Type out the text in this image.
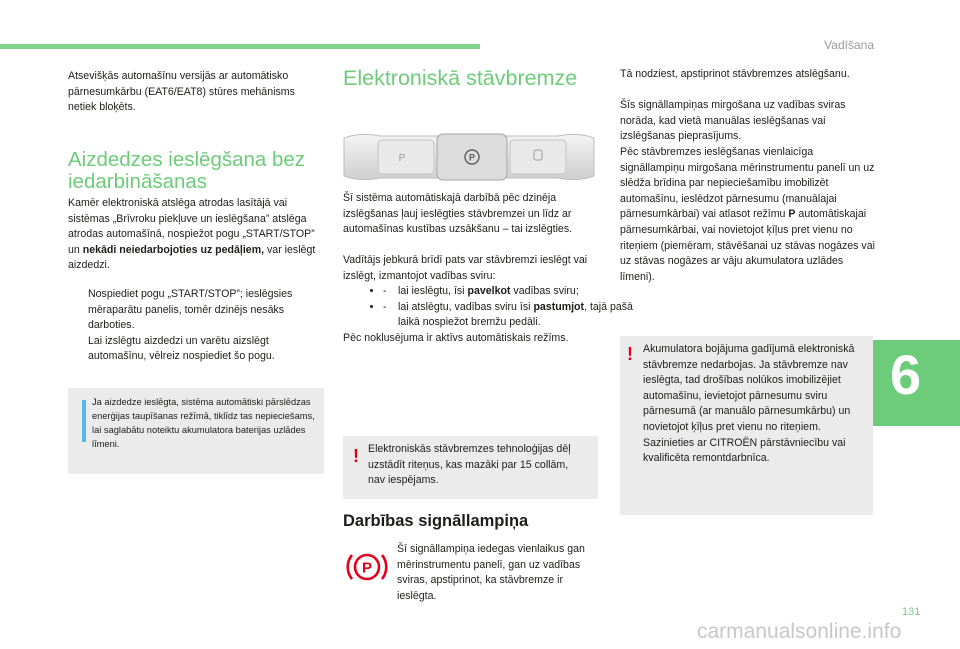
Vadīšana

Atsevišķās automašīnu versijās ar automātisko pārnesumkārbu (EAT6/EAT8) stūres mehānisms netiek bloķēts.

Aizdedzes ieslēgšana bez iedarbināšanas

Kamēr elektroniskā atslēga atrodas lasītājā vai sistēmas „Brīvroku piekļuve un ieslēgšana” atslēga atrodas automašīnā, nospiežot pogu „START/STOP” un nekādi neiedarbojoties uz pedāļiem, var ieslēgt aizdedzi.

Nospiediet pogu „START/STOP”; ieslēgsies mēraparātu panelis, tomēr dzinējs nesāks darboties.
Lai izslēgtu aizdedzi un varētu aizslēgt automašīnu, vēlreiz nospiediet šo pogu.

Ja aizdedze ieslēgta, sistēma automātiski pārslēdzas enerģijas taupīšanas režīmā, tiklīdz tas nepieciešams, lai saglabātu noteiktu akumulatora baterijas uzlādes līmeni.

Elektroniskā stāvbremze
P
P

Šī sistēma automātiskajā darbībā pēc dzinēja izslēgšanas ļauj ieslēgties stāvbremzei un līdz ar automašīnas kustības uzsākšanu – tai izslēgties.

Vadītājs jebkurā brīdī pats var stāvbremzi ieslēgt vai izslēgt, izmantojot vadības sviru:

• - lai ieslēgtu, īsi pavelkot vadības sviru;
• - lai atslēgtu, vadības sviru īsi pastumjot, tajā pašā laikā nospiežot bremžu pedāli.

Pēc noklusējuma ir aktīvs automātiskais režīms.

! Elektroniskās stāvbremzes tehnoloģijas dēļ uzstādīt riteņus, kas mazāki par 15 collām, nav iespējams.

Darbības signāllampiņa
P

Šī signāllampiņa iedegas vienlaikus gan mērinstrumentu panelī, gan uz vadības sviras, apstiprinot, ka stāvbremze ir ieslēgta.

Tā nodziest, apstiprinot stāvbremzes atslēgšanu.

Šīs signāllampiņas mirgošana uz vadības sviras norāda, kad vietā manuālas ieslēgšanas vai izslēgšanas pieprasījums.

Pēc stāvbremzes ieslēgšanas vienlaicīga signāllampiņu mirgošana mērinstrumentu panelī un uz slēdža brīdina par nepieciešamību imobilizēt automašīnu, ieslēdzot pārnesumu (manuālajai pārnesumkārbai) vai atlasot režīmu P automātiskajai pārnesumkārbai, vai novietojot ķīļus pret vienu no riteņiem (piemēram, stāvēšanai uz stāvas nogāzes vai uz stāvas nogāzes ar vāju akumulatora uzlādes līmeni).

! Akumulatora bojājuma gadījumā elektroniskā stāvbremze nedarbojas. Ja stāvbremze nav ieslēgta, tad drošības nolūkos imobilizējiet automašīnu, ievietojot pārnesumu sviru pārnesumā (ar manuālo pārnesumkārbu) un novietojot ķīļus pret vienu no riteņiem. Sazinieties ar CITROËN pārstāvniecību vai kvalificēta remontdarbnīca.

6
131
carmanualsonline.info
